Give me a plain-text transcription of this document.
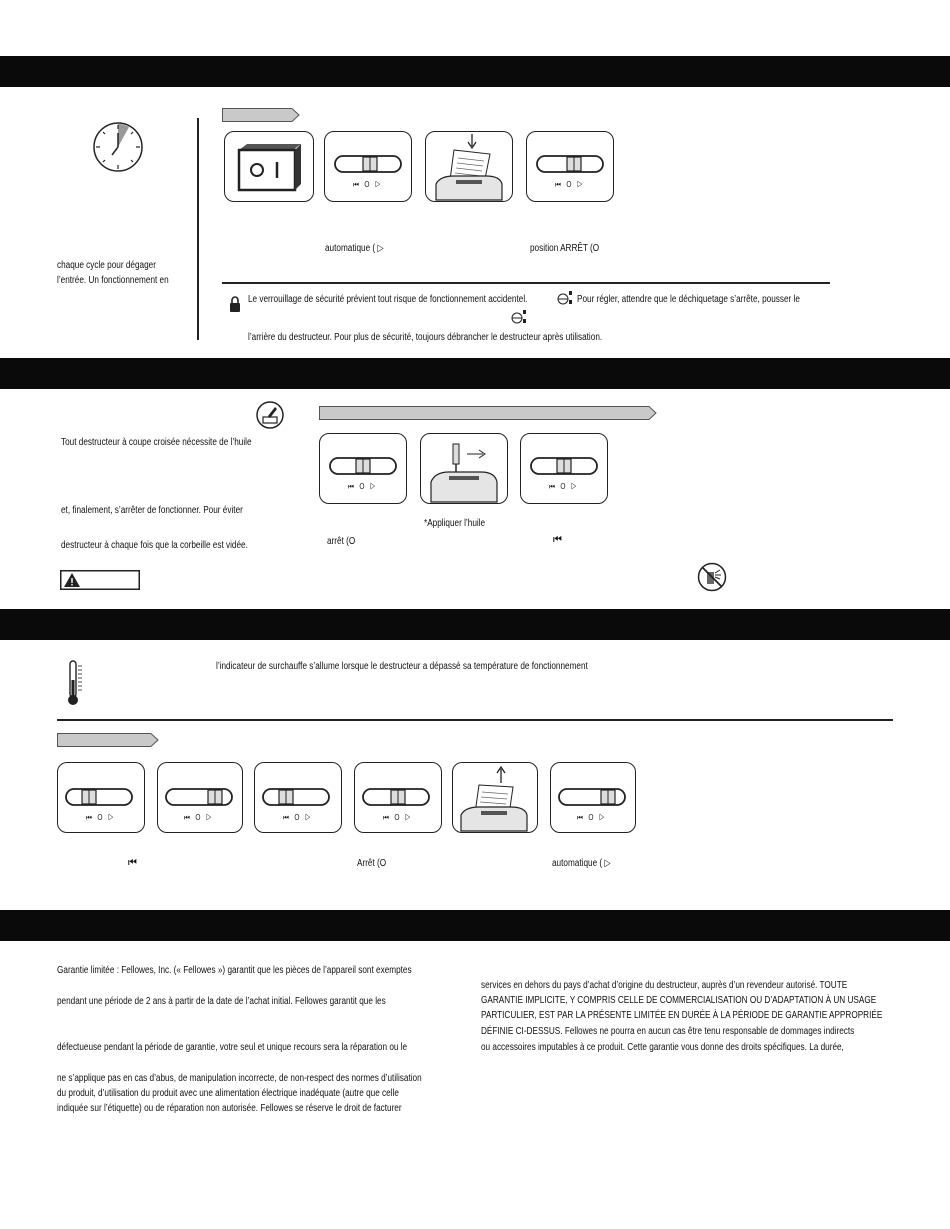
chaque cycle pour dégager
l’entrée. Un fonctionnement en
⏮ O ▷	⏮ O ▷
automatique ( ▷	position ARRÊT (O
Le verrouillage de sécurité prévient tout risque de fonctionnement accidentel.	Pour régler, attendre que le déchiquetage s’arrête, pousser le
l’arrière du destructeur. Pour plus de sécurité, toujours débrancher le destructeur après utilisation.
Tout destructeur à coupe croisée nécessite de l’huile
et, finalement, s’arrêter de fonctionner. Pour éviter
destructeur à chaque fois que la corbeille est vidée.
⏮ O ▷	⏮ O ▷
*Appliquer l’huile
arrêt (O	⏮
l’indicateur de surchauffe s’allume lorsque le destructeur a dépassé sa température de fonctionnement
⏮ O ▷	⏮ O ▷	⏮ O ▷	⏮ O ▷	⏮ O ▷
⏮	Arrêt (O	automatique ( ▷
Garantie limitée : Fellowes, Inc. (« Fellowes ») garantit que les pièces de l’appareil sont exemptes
pendant une période de 2 ans à partir de la date de l’achat initial. Fellowes garantit que les
défectueuse pendant la période de garantie, votre seul et unique recours sera la réparation ou le
ne s’applique pas en cas d’abus, de manipulation incorrecte, de non-respect des normes d’utilisation
du produit, d’utilisation du produit avec une alimentation électrique inadéquate (autre que celle
indiquée sur l’étiquette) ou de réparation non autorisée. Fellowes se réserve le droit de facturer
services en dehors du pays d’achat d’origine du destructeur, auprès d’un revendeur autorisé. TOUTE
GARANTIE IMPLICITE, Y COMPRIS CELLE DE COMMERCIALISATION OU D’ADAPTATION À UN USAGE
PARTICULIER, EST PAR LA PRÉSENTE LIMITÉE EN DURÉE À LA PÉRIODE DE GARANTIE APPROPRIÉE
DÉFINIE CI-DESSUS. Fellowes ne pourra en aucun cas être tenu responsable de dommages indirects
ou accessoires imputables à ce produit. Cette garantie vous donne des droits spécifiques. La durée,
